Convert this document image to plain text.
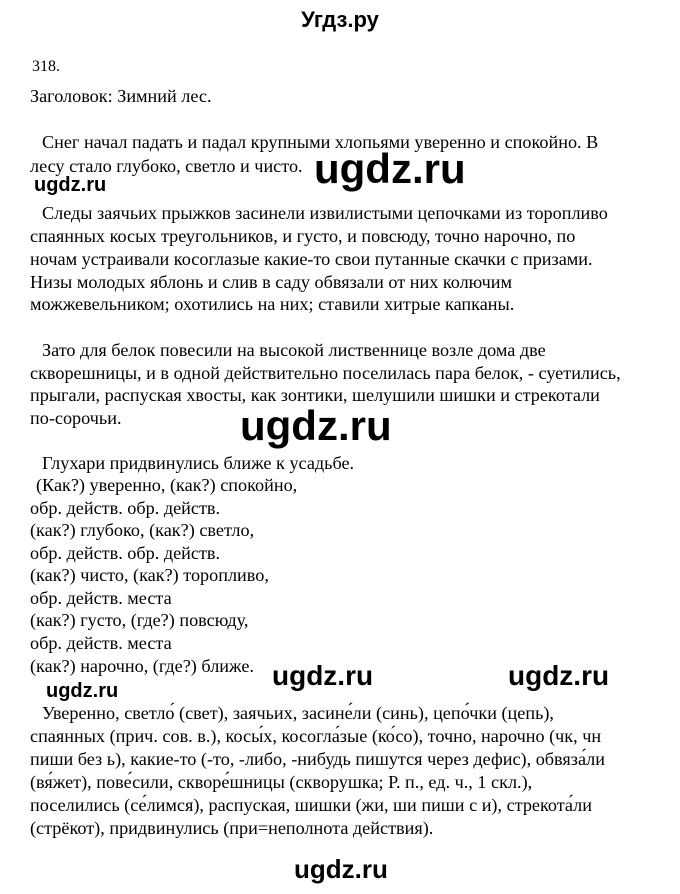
Угдз.ру
318.
Заголовок: Зимний лес.
Снег начал падать и падал крупными хлопьями уверенно и спокойно. В
лесу стало глубоко, светло и чисто.
Следы заячьих прыжков засинели извилистыми цепочками из торопливо
спаянных косых треугольников, и густо, и повсюду, точно нарочно, по
ночам устраивали косоглазые какие-то свои путанные скачки с призами.
Низы молодых яблонь и слив в саду обвязали от них колючим
можжевельником; охотились на них; ставили хитрые капканы.
Зато для белок повесили на высокой лиственнице возле дома две
скворешницы, и в одной действительно поселилась пара белок, - суетились,
прыгали, распуская хвосты, как зонтики, шелушили шишки и стрекотали
по-сорочьи.
Глухари придвинулись ближе к усадьбе.
(Как?) уверенно, (как?) спокойно,
обр. действ. обр. действ.
(как?) глубоко, (как?) светло,
обр. действ. обр. действ.
(как?) чисто, (как?) торопливо,
обр. действ. места
(как?) густо, (где?) повсюду,
обр. действ. места
(как?) нарочно, (где?) ближе.
Уверенно, светло́ (свет), заячьих, засине́ли (синь), цепо́чки (цепь),
спаянных (прич. сов. в.), косы́х, косогла́зые (ко́со), точно, нарочно (чк, чн
пиши без ь), какие-то (-то, -либо, -нибудь пишутся через дефис), обвяза́ли
(вя́жет), пове́сили, скворе́шницы (скворушка; Р. п., ед. ч., 1 скл.),
поселились (се́лимся), распуская, шишки (жи, ши пиши с и), стрекота́ли
(стрёкот), придвинулись (при=неполнота действия).
ugdz.ru
ugdz.ru
ugdz.ru
ugdz.ru	ugdz.ru
ugdz.ru
ugdz.ru
